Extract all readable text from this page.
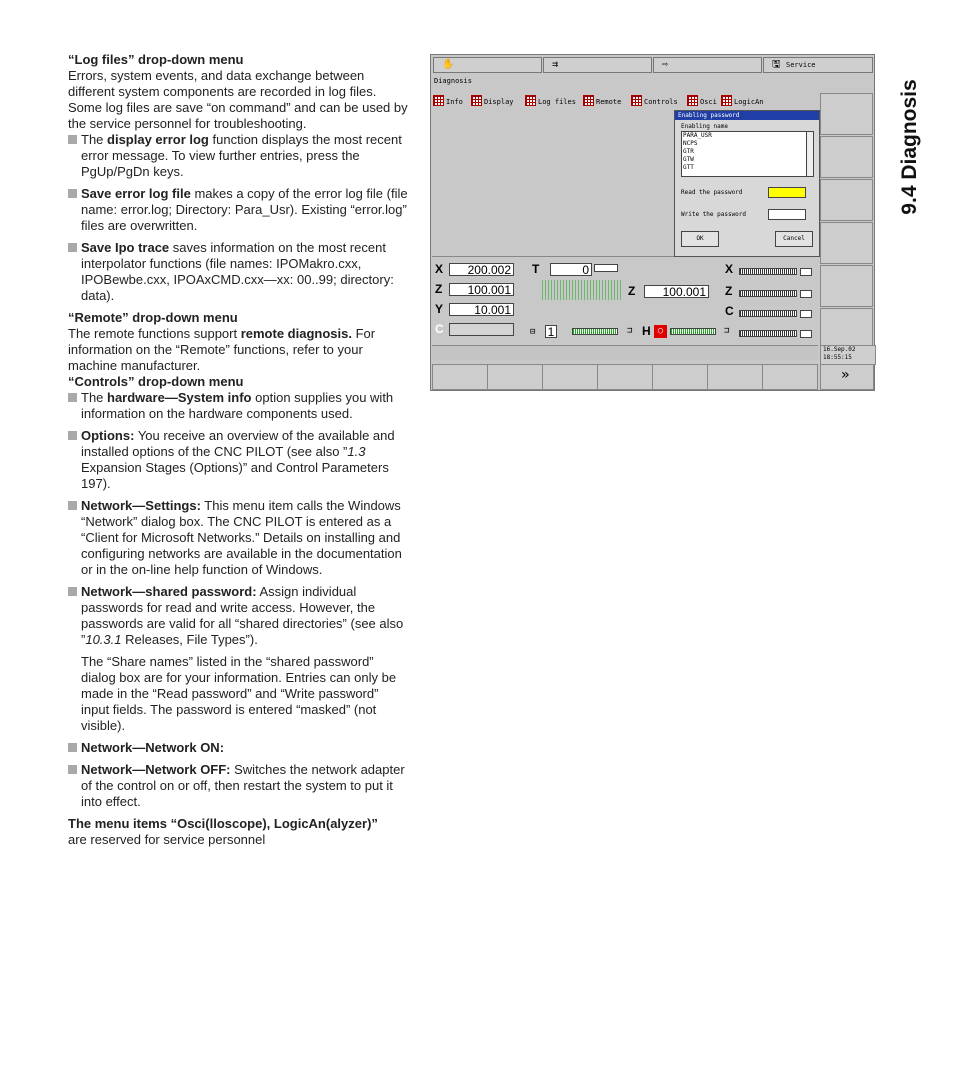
9.4 Diagnosis

“Log files” drop-down menu

Errors, system events, and data exchange between different system components are recorded in log files. Some log files are save “on command” and can be used by the service personnel for troubleshooting.

The display error log function displays the most recent error message. To view further entries, press the PgUp/PgDn keys.
Save error log file makes a copy of the error log file (file name: error.log; Directory: Para_Usr). Existing “error.log” files are overwritten.
Save Ipo trace saves information on the most recent interpolator functions (file names: IPOMakro.cxx, IPOBewbe.cxx, IPOAxCMD.cxx—xx: 00..99; directory: data).

“Remote” drop-down menu

The remote functions support remote diagnosis. For information on the “Remote” functions, refer to your machine manufacturer.

“Controls” drop-down menu

The hardware—System info option supplies you with information on the hardware components used.
Options: You receive an overview of the available and installed options of the CNC PILOT (see also ”1.3 Expansion Stages (Options)” and Control Parameters 197).
Network—Settings: This menu item calls the Windows “Network” dialog box. The CNC PILOT is entered as a “Client for Microsoft Networks.” Details on installing and configuring networks are available in the documentation or in the on-line help function of Windows.
Network—shared password: Assign individual passwords for read and write access. However, the passwords are valid for all “shared directories” (see also ”10.3.1 Releases, File Types”).
The “Share names” listed in the “shared password” dialog box are for your information. Entries can only be made in the “Read password” and “Write password” input fields. The password is entered “masked” (not visible).
Network—Network ON:
Network—Network OFF: Switches the network adapter of the control on or off, then restart the system to put it into effect.

The menu items “Osci(lloscope), LogicAn(alyzer)”

are reserved for service personnel

✋	⇉	⇨	🖫 Service
Diagnosis
Info	Display	Log files	Remote	Controls	Osci	LogicAn
Enabling password
Enabling name
PARA_USR
NCPS
GTR
GTW
GTT
Read the password
Write the password
OK	Cancel
X	200.002
Z	100.001
Y	10.001
C
T	0
Z	100.001
X
Z
C
⊟ 1	⊐ H ○	⊐
16.Sep.02
18:55:15
»
